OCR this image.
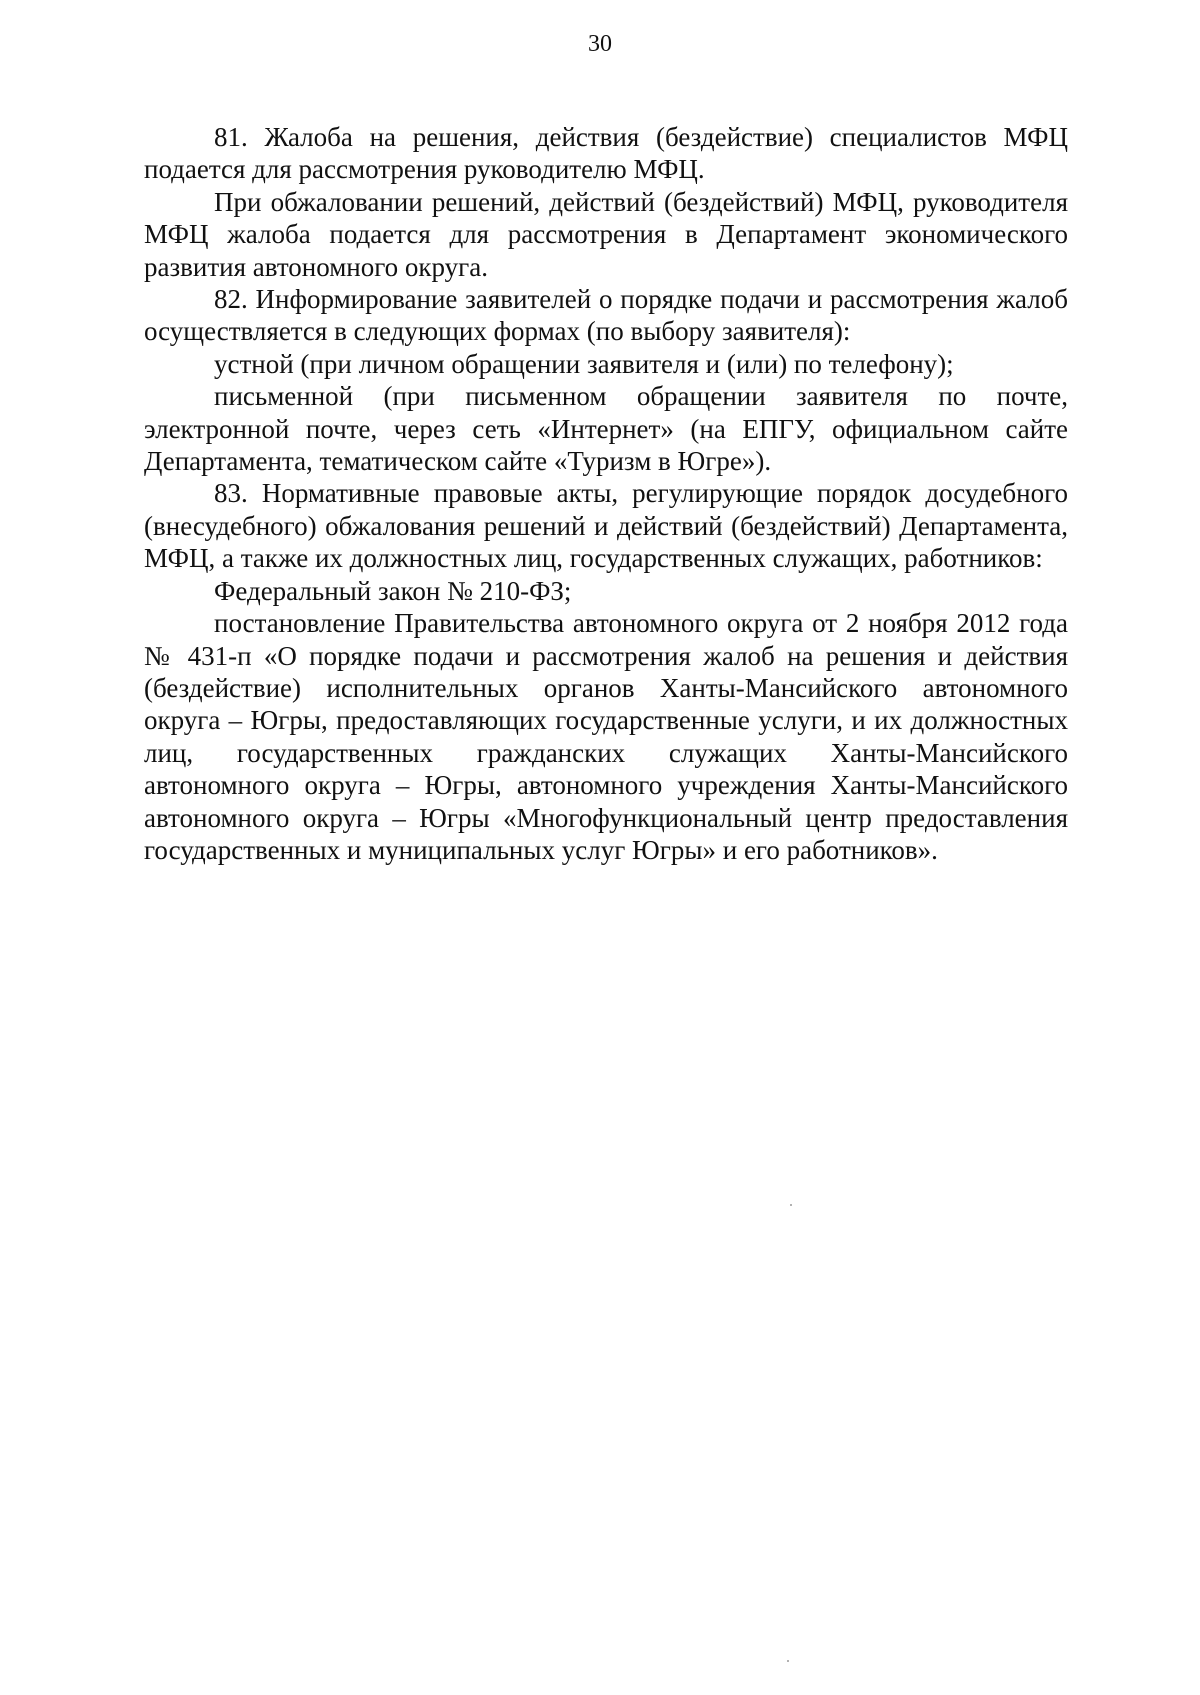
30

81. Жалоба на решения, действия (бездействие) специалистов МФЦ подается для рассмотрения руководителю МФЦ.

При обжаловании решений, действий (бездействий) МФЦ, руководителя МФЦ жалоба подается для рассмотрения в Департамент экономического развития автономного округа.

82. Информирование заявителей о порядке подачи и рассмотрения жалоб осуществляется в следующих формах (по выбору заявителя):

устной (при личном обращении заявителя и (или) по телефону);

письменной (при письменном обращении заявителя по почте, электронной почте, через сеть «Интернет» (на ЕПГУ, официальном сайте Департамента, тематическом сайте «Туризм в Югре»).

83. Нормативные правовые акты, регулирующие порядок досудебного (внесудебного) обжалования решений и действий (бездействий) Департамента, МФЦ, а также их должностных лиц, государственных служащих, работников:

Федеральный закон № 210-ФЗ;

постановление Правительства автономного округа от 2 ноября 2012 года № 431-п «О порядке подачи и рассмотрения жалоб на решения и действия (бездействие) исполнительных органов Ханты-Мансийского автономного округа – Югры, предоставляющих государственные услуги, и их должностных лиц, государственных гражданских служащих Ханты-Мансийского автономного округа – Югры, автономного учреждения Ханты-Мансийского автономного округа – Югры «Многофункциональный центр предоставления государственных и муниципальных услуг Югры» и его работников».
